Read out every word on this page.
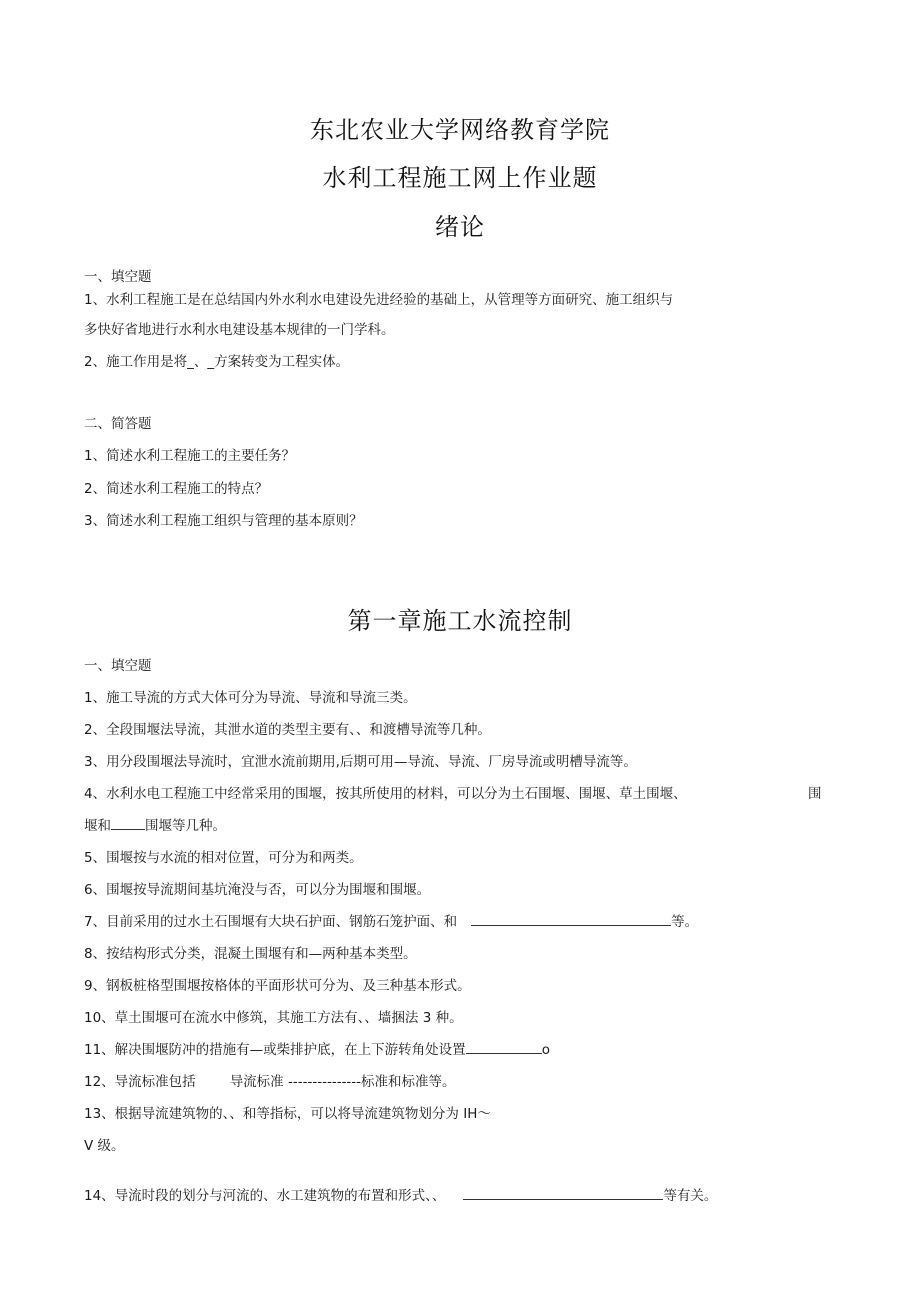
东北农业大学网络教育学院
水利工程施工网上作业题
绪论
一、填空题
1、水利工程施工是在总结国内外水利水电建设先进经验的基础上，从管理等方面研究、施工组织与
多快好省地进行水利水电建设基本规律的一门学科。
2、施工作用是将_、_方案转变为工程实体。
二、简答题
1、简述水利工程施工的主要任务？
2、简述水利工程施工的特点？
3、简述水利工程施工组织与管理的基本原则？
第一章施工水流控制
一、填空题
1、施工导流的方式大体可分为导流、导流和导流三类。
2、全段围堰法导流，其泄水道的类型主要有、、和渡槽导流等几种。
3、用分段围堰法导流时，宜泄水流前期用,后期可用—导流、导流、厂房导流或明槽导流等。
4、水利水电工程施工中经常采用的围堰，按其所使用的材料，可以分为土石围堰、围堰、草土围堰、	围
堰和	围堰等几种。
5、围堰按与水流的相对位置，可分为和两类。
6、围堰按导流期间基坑淹没与否，可以分为围堰和围堰。
7、目前采用的过水土石围堰有大块石护面、钢筋石笼护面、和	等。
8、按结构形式分类，混凝土围堰有和—两种基本类型。
9、钢板桩格型围堰按格体的平面形状可分为、及三种基本形式。
10、草土围堰可在流水中修筑，其施工方法有、、墙捆法 3 种。
11、解决围堰防冲的措施有—或柴排护底，在上下游转角处设置	o
12、导流标准包括	导流标准 ---------------标准和标准等。
13、根据导流建筑物的、、和等指标，可以将导流建筑物划分为 IH～
V 级。
14、导流时段的划分与河流的、水工建筑物的布置和形式、、	等有关。
